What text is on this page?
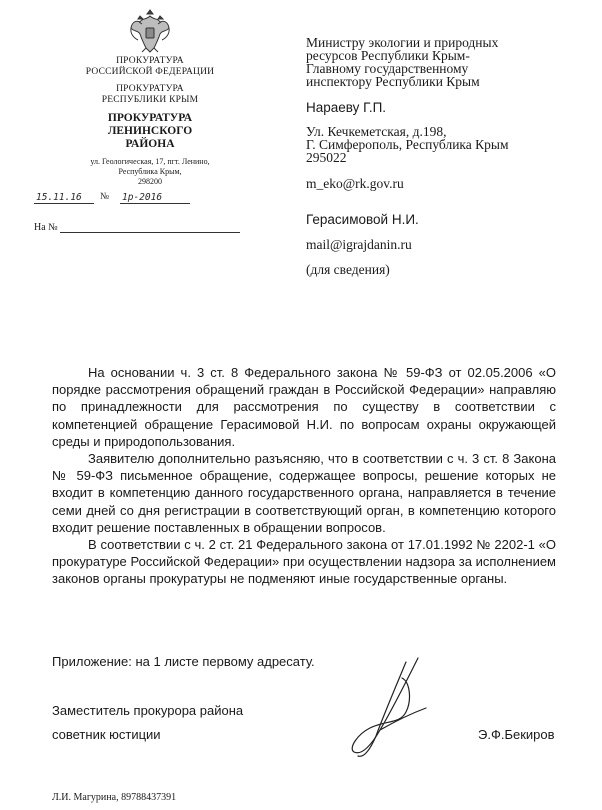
ПРОКУРАТУРА
РОССИЙСКОЙ ФЕДЕРАЦИИ
ПРОКУРАТУРА
РЕСПУБЛИКИ КРЫМ
ПРОКУРАТУРА
ЛЕНИНСКОГО
РАЙОНА
ул. Геологическая, 17, пгт. Ленино,
Республика Крым,
298200
15.11.16	№ 1р-2016
На №
Министру экологии и природных
ресурсов Республики Крым-
Главному государственному
инспектору Республики Крым
Нараеву Г.П.
Ул. Кечкеметская, д.198,
Г. Симферополь, Республика Крым
295022
m_eko@rk.gov.ru
Герасимовой Н.И.
mail@igrajdanin.ru
(для сведения)

На основании ч. 3 ст. 8 Федерального закона № 59-ФЗ от 02.05.2006 «О порядке рассмотрения обращений граждан в Российской Федерации» направляю по принадлежности для рассмотрения по существу в соответствии с компетенцией обращение Герасимовой Н.И. по вопросам охраны окружающей среды и природопользования.

Заявителю дополнительно разъясняю, что в соответствии с ч. 3 ст. 8 Закона № 59-ФЗ письменное обращение, содержащее вопросы, решение которых не входит в компетенцию данного государственного органа, направляется в течение семи дней со дня регистрации в соответствующий орган, в компетенцию которого входит решение поставленных в обращении вопросов.

В соответствии с ч. 2 ст. 21 Федерального закона от 17.01.1992 № 2202-1 «О прокуратуре Российской Федерации» при осуществлении надзора за исполнением законов органы прокуратуры не подменяют иные государственные органы.

Приложение: на 1 листе первому адресату.
Заместитель прокурора района
советник юстиции	Э.Ф.Бекиров
Л.И. Магурина, 89788437391
